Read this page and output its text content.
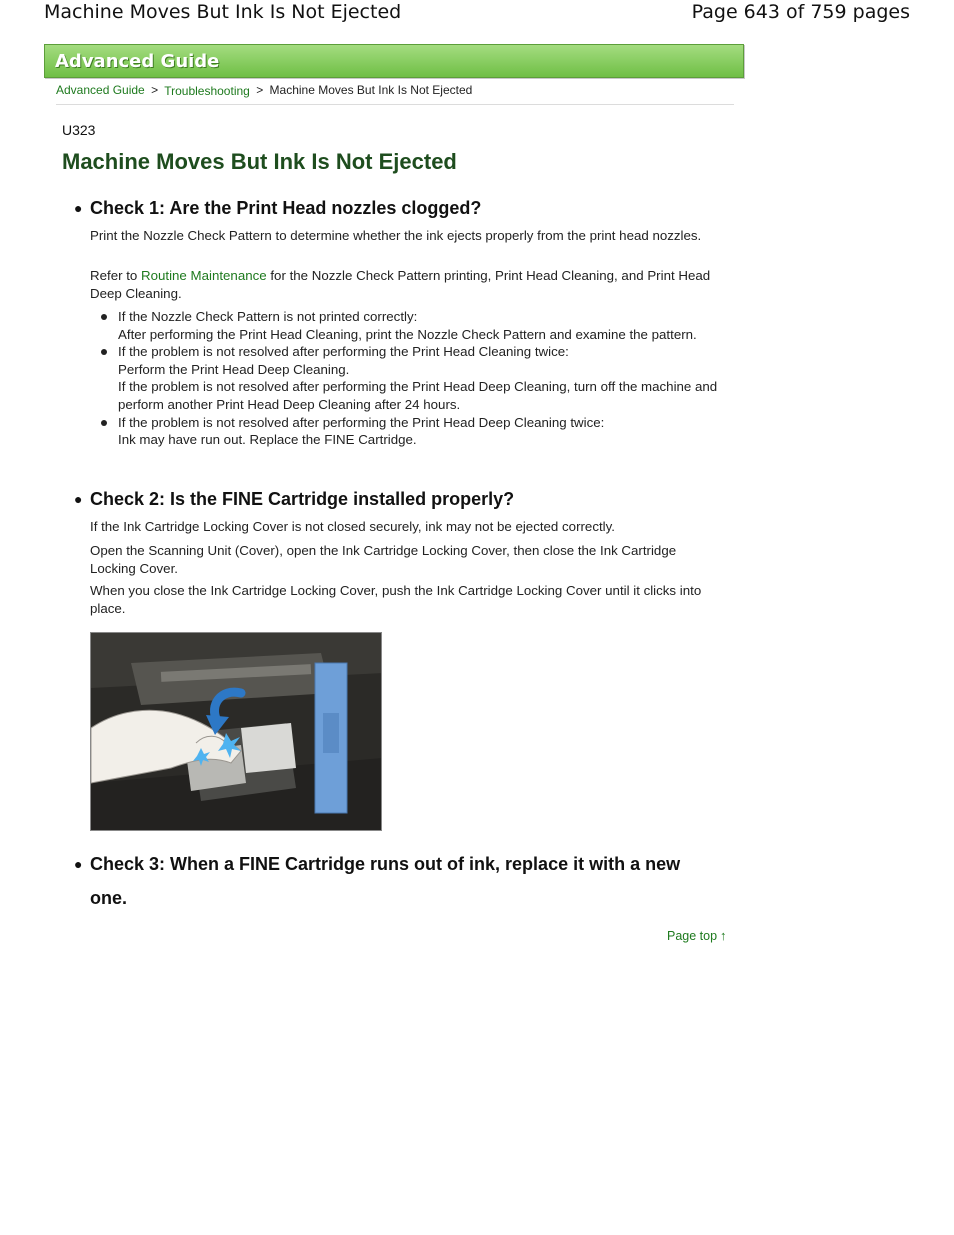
Machine Moves But Ink Is Not Ejected	Page 643 of 759 pages
Advanced Guide
Advanced Guide > Troubleshooting > Machine Moves But Ink Is Not Ejected
U323
Machine Moves But Ink Is Not Ejected
● Check 1: Are the Print Head nozzles clogged?
Print the Nozzle Check Pattern to determine whether the ink ejects properly from the print head nozzles.
Refer to Routine Maintenance for the Nozzle Check Pattern printing, Print Head Cleaning, and Print Head Deep Cleaning.
If the Nozzle Check Pattern is not printed correctly:
After performing the Print Head Cleaning, print the Nozzle Check Pattern and examine the pattern.
If the problem is not resolved after performing the Print Head Cleaning twice:
Perform the Print Head Deep Cleaning.
If the problem is not resolved after performing the Print Head Deep Cleaning, turn off the machine and perform another Print Head Deep Cleaning after 24 hours.
If the problem is not resolved after performing the Print Head Deep Cleaning twice:
Ink may have run out. Replace the FINE Cartridge.
● Check 2: Is the FINE Cartridge installed properly?
If the Ink Cartridge Locking Cover is not closed securely, ink may not be ejected correctly.
Open the Scanning Unit (Cover), open the Ink Cartridge Locking Cover, then close the Ink Cartridge Locking Cover.
When you close the Ink Cartridge Locking Cover, push the Ink Cartridge Locking Cover until it clicks into place.
● Check 3: When a FINE Cartridge runs out of ink, replace it with a new one.
Page top ↑
